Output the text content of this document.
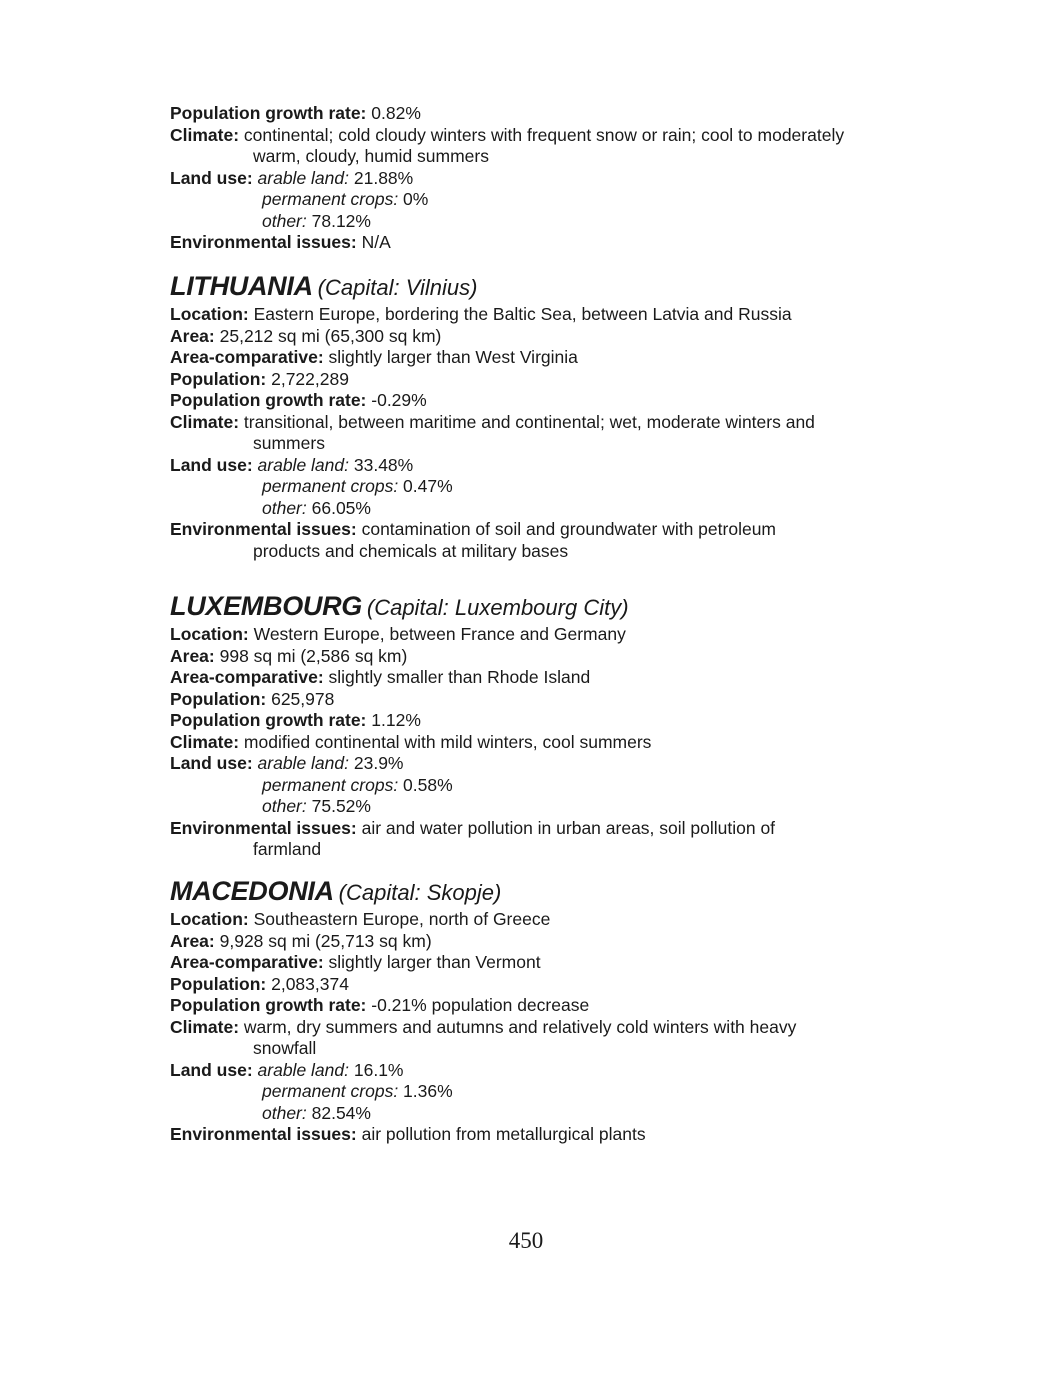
Population growth rate: 0.82%
Climate: continental; cold cloudy winters with frequent snow or rain; cool to moderately
warm, cloudy, humid summers
Land use: arable land: 21.88%
permanent crops: 0%
other: 78.12%
Environmental issues: N/A
LITHUANIA (Capital: Vilnius)
Location: Eastern Europe, bordering the Baltic Sea, between Latvia and Russia
Area: 25,212 sq mi (65,300 sq km)
Area-comparative: slightly larger than West Virginia
Population: 2,722,289
Population growth rate: -0.29%
Climate: transitional, between maritime and continental; wet, moderate winters and
summers
Land use: arable land: 33.48%
permanent crops: 0.47%
other: 66.05%
Environmental issues: contamination of soil and groundwater with petroleum
products and chemicals at military bases
LUXEMBOURG (Capital: Luxembourg City)
Location: Western Europe, between France and Germany
Area: 998 sq mi (2,586 sq km)
Area-comparative: slightly smaller than Rhode Island
Population: 625,978
Population growth rate: 1.12%
Climate: modified continental with mild winters, cool summers
Land use: arable land: 23.9%
permanent crops: 0.58%
other: 75.52%
Environmental issues: air and water pollution in urban areas, soil pollution of
farmland
MACEDONIA (Capital: Skopje)
Location: Southeastern Europe, north of Greece
Area: 9,928 sq mi (25,713 sq km)
Area-comparative: slightly larger than Vermont
Population: 2,083,374
Population growth rate: -0.21% population decrease
Climate: warm, dry summers and autumns and relatively cold winters with heavy
snowfall
Land use: arable land: 16.1%
permanent crops: 1.36%
other: 82.54%
Environmental issues: air pollution from metallurgical plants
450
